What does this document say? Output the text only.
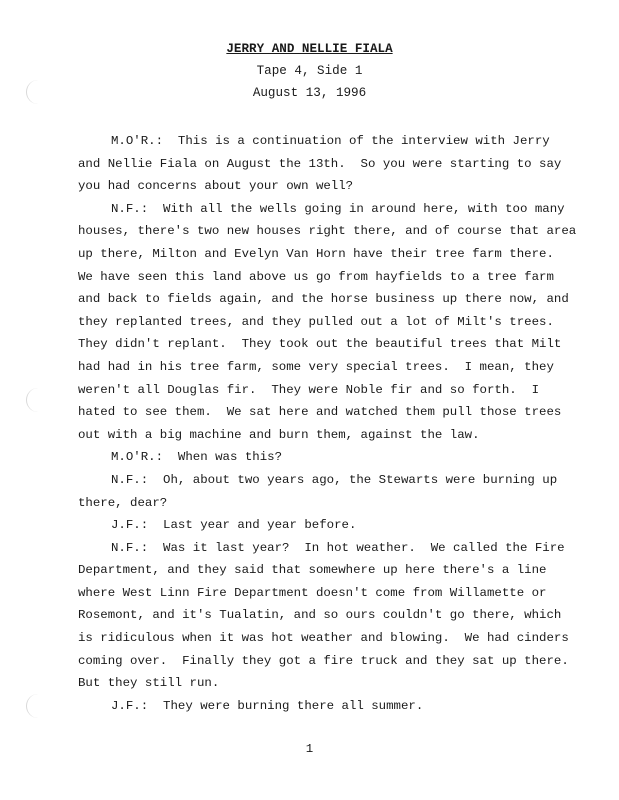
JERRY AND NELLIE FIALA
Tape 4, Side 1
August 13, 1996
M.O'R.:  This is a continuation of the interview with Jerry
and Nellie Fiala on August the 13th.  So you were starting to say
you had concerns about your own well?
N.F.:  With all the wells going in around here, with too many
houses, there's two new houses right there, and of course that area
up there, Milton and Evelyn Van Horn have their tree farm there.
We have seen this land above us go from hayfields to a tree farm
and back to fields again, and the horse business up there now, and
they replanted trees, and they pulled out a lot of Milt's trees.
They didn't replant.  They took out the beautiful trees that Milt
had had in his tree farm, some very special trees.  I mean, they
weren't all Douglas fir.  They were Noble fir and so forth.  I
hated to see them.  We sat here and watched them pull those trees
out with a big machine and burn them, against the law.
M.O'R.:  When was this?
N.F.:  Oh, about two years ago, the Stewarts were burning up
there, dear?
J.F.:  Last year and year before.
N.F.:  Was it last year?  In hot weather.  We called the Fire
Department, and they said that somewhere up here there's a line
where West Linn Fire Department doesn't come from Willamette or
Rosemont, and it's Tualatin, and so ours couldn't go there, which
is ridiculous when it was hot weather and blowing.  We had cinders
coming over.  Finally they got a fire truck and they sat up there.
But they still run.
J.F.:  They were burning there all summer.
1
